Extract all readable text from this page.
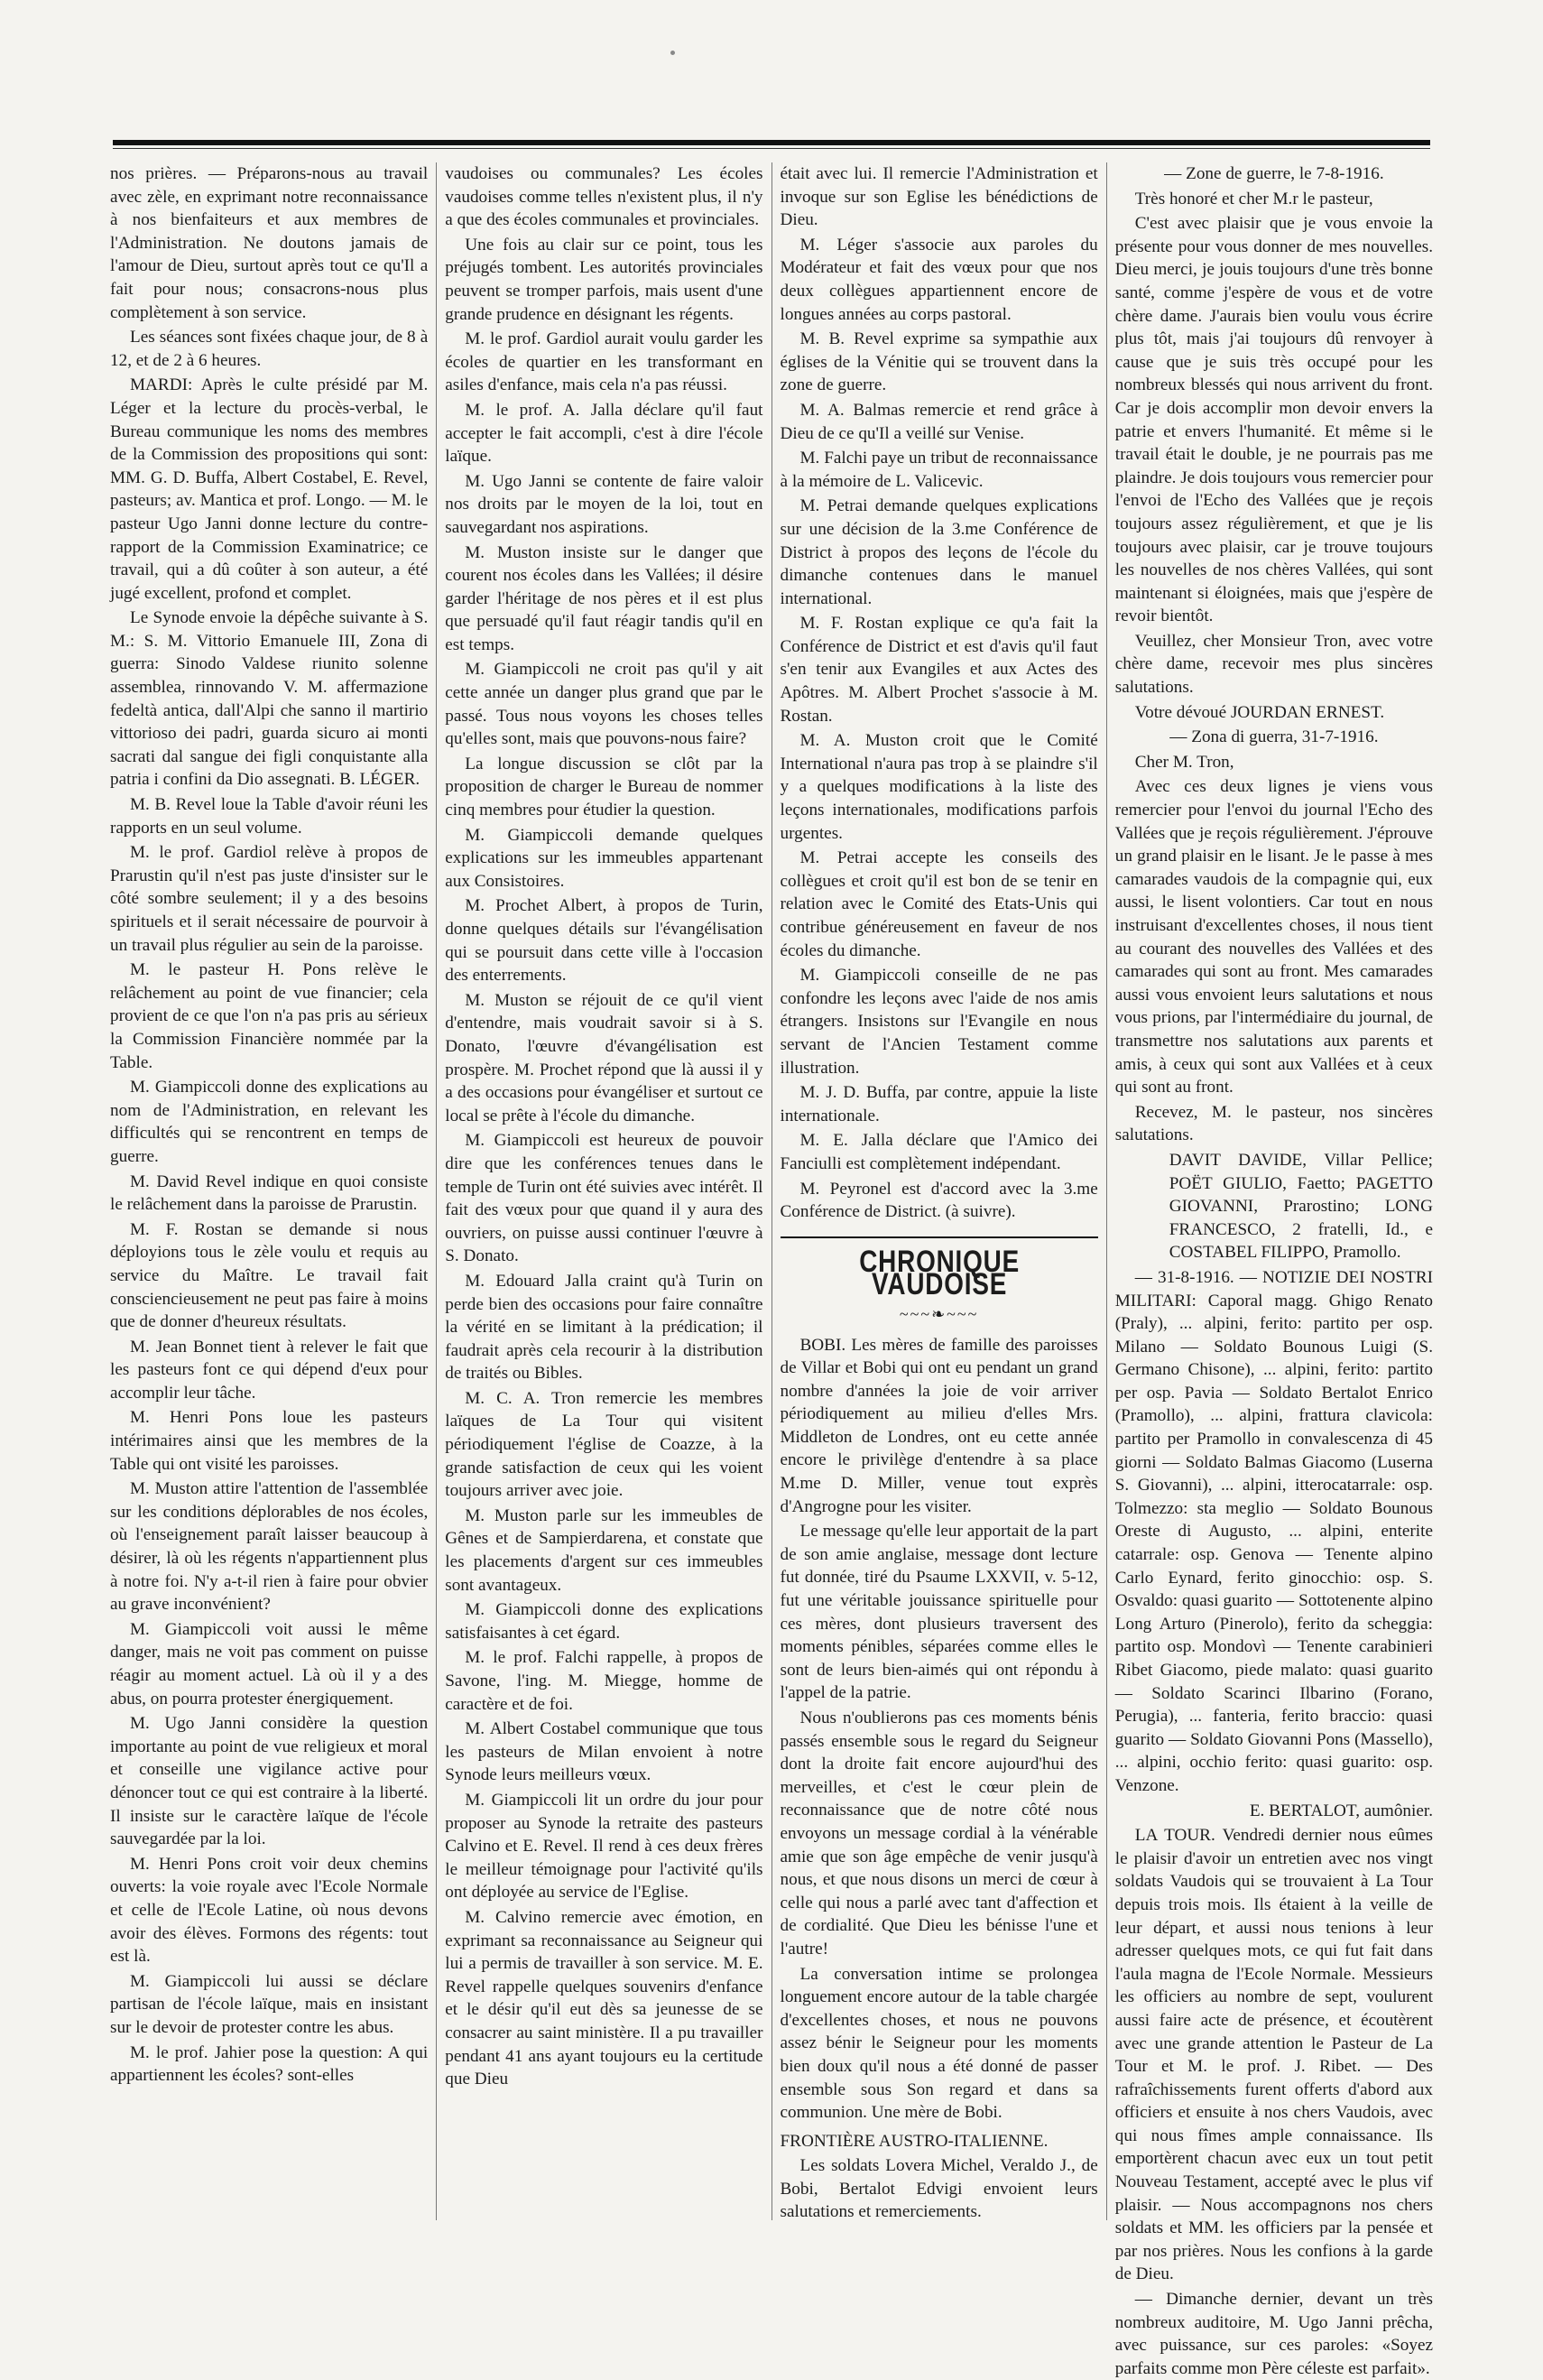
nos prières. — Préparons-nous au travail avec zèle, en exprimant notre reconnaissance à nos bienfaiteurs et aux membres de l'Administration. Ne doutons jamais de l'amour de Dieu, surtout après tout ce qu'Il a fait pour nous; consacrons-nous plus complètement à son service.

Les séances sont fixées chaque jour, de 8 à 12, et de 2 à 6 heures.

MARDI: Après le culte présidé par M. Léger et la lecture du procès-verbal, le Bureau communique les noms des membres de la Commission des propositions qui sont: MM. G. D. Buffa, Albert Costabel, E. Revel, pasteurs; av. Mantica et prof. Longo. — M. le pasteur Ugo Janni donne lecture du contre-rapport de la Commission Examinatrice; ce travail, qui a dû coûter à son auteur, a été jugé excellent, profond et complet.

Le Synode envoie la dépêche suivante à S. M.: S. M. Vittorio Emanuele III, Zona di guerra: Sinodo Valdese riunito solenne assemblea, rinnovando V. M. affermazione fedeltà antica, dall'Alpi che sanno il martirio vittorioso dei padri, guarda sicuro ai monti sacrati dal sangue dei figli conquistante alla patria i confini da Dio assegnati. B. LÉGER.

M. B. Revel loue la Table d'avoir réuni les rapports en un seul volume.

M. le prof. Gardiol relève à propos de Prarustin qu'il n'est pas juste d'insister sur le côté sombre seulement; il y a des besoins spirituels et il serait nécessaire de pourvoir à un travail plus régulier au sein de la paroisse.

M. le pasteur H. Pons relève le relâchement au point de vue financier; cela provient de ce que l'on n'a pas pris au sérieux la Commission Financière nommée par la Table.

M. Giampiccoli donne des explications au nom de l'Administration, en relevant les difficultés qui se rencontrent en temps de guerre.

M. David Revel indique en quoi consiste le relâchement dans la paroisse de Prarustin.

M. F. Rostan se demande si nous déployions tous le zèle voulu et requis au service du Maître. Le travail fait consciencieusement ne peut pas faire à moins que de donner d'heureux résultats.

M. Jean Bonnet tient à relever le fait que les pasteurs font ce qui dépend d'eux pour accomplir leur tâche.

M. Henri Pons loue les pasteurs intérimaires ainsi que les membres de la Table qui ont visité les paroisses.

M. Muston attire l'attention de l'assemblée sur les conditions déplorables de nos écoles, où l'enseignement paraît laisser beaucoup à désirer, là où les régents n'appartiennent plus à notre foi. N'y a-t-il rien à faire pour obvier au grave inconvénient?

M. Giampiccoli voit aussi le même danger, mais ne voit pas comment on puisse réagir au moment actuel. Là où il y a des abus, on pourra protester énergiquement.

M. Ugo Janni considère la question importante au point de vue religieux et moral et conseille une vigilance active pour dénoncer tout ce qui est contraire à la liberté. Il insiste sur le caractère laïque de l'école sauvegardée par la loi.

M. Henri Pons croit voir deux chemins ouverts: la voie royale avec l'Ecole Normale et celle de l'Ecole Latine, où nous devons avoir des élèves. Formons des régents: tout est là.

M. Giampiccoli lui aussi se déclare partisan de l'école laïque, mais en insistant sur le devoir de protester contre les abus.

M. le prof. Jahier pose la question: A qui appartiennent les écoles? sont-elles

vaudoises ou communales? Les écoles vaudoises comme telles n'existent plus, il n'y a que des écoles communales et provinciales.

Une fois au clair sur ce point, tous les préjugés tombent. Les autorités provinciales peuvent se tromper parfois, mais usent d'une grande prudence en désignant les régents.

M. le prof. Gardiol aurait voulu garder les écoles de quartier en les transformant en asiles d'enfance, mais cela n'a pas réussi.

M. le prof. A. Jalla déclare qu'il faut accepter le fait accompli, c'est à dire l'école laïque.

M. Ugo Janni se contente de faire valoir nos droits par le moyen de la loi, tout en sauvegardant nos aspirations.

M. Muston insiste sur le danger que courent nos écoles dans les Vallées; il désire garder l'héritage de nos pères et il est plus que persuadé qu'il faut réagir tandis qu'il en est temps.

M. Giampiccoli ne croit pas qu'il y ait cette année un danger plus grand que par le passé. Tous nous voyons les choses telles qu'elles sont, mais que pouvons-nous faire?

La longue discussion se clôt par la proposition de charger le Bureau de nommer cinq membres pour étudier la question.

M. Giampiccoli demande quelques explications sur les immeubles appartenant aux Consistoires.

M. Prochet Albert, à propos de Turin, donne quelques détails sur l'évangélisation qui se poursuit dans cette ville à l'occasion des enterrements.

M. Muston se réjouit de ce qu'il vient d'entendre, mais voudrait savoir si à S. Donato, l'œuvre d'évangélisation est prospère. M. Prochet répond que là aussi il y a des occasions pour évangéliser et surtout ce local se prête à l'école du dimanche.

M. Giampiccoli est heureux de pouvoir dire que les conférences tenues dans le temple de Turin ont été suivies avec intérêt. Il fait des vœux pour que quand il y aura des ouvriers, on puisse aussi continuer l'œuvre à S. Donato.

M. Edouard Jalla craint qu'à Turin on perde bien des occasions pour faire connaître la vérité en se limitant à la prédication; il faudrait après cela recourir à la distribution de traités ou Bibles.

M. C. A. Tron remercie les membres laïques de La Tour qui visitent périodiquement l'église de Coazze, à la grande satisfaction de ceux qui les voient toujours arriver avec joie.

M. Muston parle sur les immeubles de Gênes et de Sampierdarena, et constate que les placements d'argent sur ces immeubles sont avantageux.

M. Giampiccoli donne des explications satisfaisantes à cet égard.

M. le prof. Falchi rappelle, à propos de Savone, l'ing. M. Miegge, homme de caractère et de foi.

M. Albert Costabel communique que tous les pasteurs de Milan envoient à notre Synode leurs meilleurs vœux.

M. Giampiccoli lit un ordre du jour pour proposer au Synode la retraite des pasteurs Calvino et E. Revel. Il rend à ces deux frères le meilleur témoignage pour l'activité qu'ils ont déployée au service de l'Eglise.

M. Calvino remercie avec émotion, en exprimant sa reconnaissance au Seigneur qui lui a permis de travailler à son service. M. E. Revel rappelle quelques souvenirs d'enfance et le désir qu'il eut dès sa jeunesse de se consacrer au saint ministère. Il a pu travailler pendant 41 ans ayant toujours eu la certitude que Dieu

était avec lui. Il remercie l'Administration et invoque sur son Eglise les bénédictions de Dieu.

M. Léger s'associe aux paroles du Modérateur et fait des vœux pour que nos deux collègues appartiennent encore de longues années au corps pastoral.

M. B. Revel exprime sa sympathie aux églises de la Vénitie qui se trouvent dans la zone de guerre.

M. A. Balmas remercie et rend grâce à Dieu de ce qu'Il a veillé sur Venise.

M. Falchi paye un tribut de reconnaissance à la mémoire de L. Valicevic.

M. Petrai demande quelques explications sur une décision de la 3.me Conférence de District à propos des leçons de l'école du dimanche contenues dans le manuel international.

M. F. Rostan explique ce qu'a fait la Conférence de District et est d'avis qu'il faut s'en tenir aux Evangiles et aux Actes des Apôtres. M. Albert Prochet s'associe à M. Rostan.

M. A. Muston croit que le Comité International n'aura pas trop à se plaindre s'il y a quelques modifications à la liste des leçons internationales, modifications parfois urgentes.

M. Petrai accepte les conseils des collègues et croit qu'il est bon de se tenir en relation avec le Comité des Etats-Unis qui contribue généreusement en faveur de nos écoles du dimanche.

M. Giampiccoli conseille de ne pas confondre les leçons avec l'aide de nos amis étrangers. Insistons sur l'Evangile en nous servant de l'Ancien Testament comme illustration.

M. J. D. Buffa, par contre, appuie la liste internationale.

M. E. Jalla déclare que l'Amico dei Fanciulli est complètement indépendant.

M. Peyronel est d'accord avec la 3.me Conférence de District. (à suivre).

CHRONIQUE VAUDOISE
~~~❧~~~

BOBI. Les mères de famille des paroisses de Villar et Bobi qui ont eu pendant un grand nombre d'années la joie de voir arriver périodiquement au milieu d'elles Mrs. Middleton de Londres, ont eu cette année encore le privilège d'entendre à sa place M.me D. Miller, venue tout exprès d'Angrogne pour les visiter.

Le message qu'elle leur apportait de la part de son amie anglaise, message dont lecture fut donnée, tiré du Psaume LXXVII, v. 5-12, fut une véritable jouissance spirituelle pour ces mères, dont plusieurs traversent des moments pénibles, séparées comme elles le sont de leurs bien-aimés qui ont répondu à l'appel de la patrie.

Nous n'oublierons pas ces moments bénis passés ensemble sous le regard du Seigneur dont la droite fait encore aujourd'hui des merveilles, et c'est le cœur plein de reconnaissance que de notre côté nous envoyons un message cordial à la vénérable amie que son âge empêche de venir jusqu'à nous, et que nous disons un merci de cœur à celle qui nous a parlé avec tant d'affection et de cordialité. Que Dieu les bénisse l'une et l'autre!

La conversation intime se prolongea longuement encore autour de la table chargée d'excellentes choses, et nous ne pouvons assez bénir le Seigneur pour les moments bien doux qu'il nous a été donné de passer ensemble sous Son regard et dans sa communion. Une mère de Bobi.

FRONTIÈRE AUSTRO-ITALIENNE.

Les soldats Lovera Michel, Veraldo J., de Bobi, Bertalot Edvigi envoient leurs salutations et remerciements.

— Zone de guerre, le 7-8-1916.

Très honoré et cher M.r le pasteur,

C'est avec plaisir que je vous envoie la présente pour vous donner de mes nouvelles. Dieu merci, je jouis toujours d'une très bonne santé, comme j'espère de vous et de votre chère dame. J'aurais bien voulu vous écrire plus tôt, mais j'ai toujours dû renvoyer à cause que je suis très occupé pour les nombreux blessés qui nous arrivent du front. Car je dois accomplir mon devoir envers la patrie et envers l'humanité. Et même si le travail était le double, je ne pourrais pas me plaindre. Je dois toujours vous remercier pour l'envoi de l'Echo des Vallées que je reçois toujours assez régulièrement, et que je lis toujours avec plaisir, car je trouve toujours les nouvelles de nos chères Vallées, qui sont maintenant si éloignées, mais que j'espère de revoir bientôt.

Veuillez, cher Monsieur Tron, avec votre chère dame, recevoir mes plus sincères salutations.

Votre dévoué JOURDAN ERNEST.

— Zona di guerra, 31-7-1916.

Cher M. Tron,

Avec ces deux lignes je viens vous remercier pour l'envoi du journal l'Echo des Vallées que je reçois régulièrement. J'éprouve un grand plaisir en le lisant. Je le passe à mes camarades vaudois de la compagnie qui, eux aussi, le lisent volontiers. Car tout en nous instruisant d'excellentes choses, il nous tient au courant des nouvelles des Vallées et des camarades qui sont au front. Mes camarades aussi vous envoient leurs salutations et nous vous prions, par l'intermédiaire du journal, de transmettre nos salutations aux parents et amis, à ceux qui sont aux Vallées et à ceux qui sont au front.

Recevez, M. le pasteur, nos sincères salutations.

DAVIT DAVIDE, Villar Pellice; POËT GIULIO, Faetto; PAGETTO GIOVANNI, Prarostino; LONG FRANCESCO, 2 fratelli, Id., e COSTABEL FILIPPO, Pramollo.

— 31-8-1916. — NOTIZIE DEI NOSTRI MILITARI: Caporal magg. Ghigo Renato (Praly), ... alpini, ferito: partito per osp. Milano — Soldato Bounous Luigi (S. Germano Chisone), ... alpini, ferito: partito per osp. Pavia — Soldato Bertalot Enrico (Pramollo), ... alpini, frattura clavicola: partito per Pramollo in convalescenza di 45 giorni — Soldato Balmas Giacomo (Luserna S. Giovanni), ... alpini, itterocatarrale: osp. Tolmezzo: sta meglio — Soldato Bounous Oreste di Augusto, ... alpini, enterite catarrale: osp. Genova — Tenente alpino Carlo Eynard, ferito ginocchio: osp. S. Osvaldo: quasi guarito — Sottotenente alpino Long Arturo (Pinerolo), ferito da scheggia: partito osp. Mondovì — Tenente carabinieri Ribet Giacomo, piede malato: quasi guarito — Soldato Scarinci Ilbarino (Forano, Perugia), ... fanteria, ferito braccio: quasi guarito — Soldato Giovanni Pons (Massello), ... alpini, occhio ferito: quasi guarito: osp. Venzone.

E. BERTALOT, aumônier.

LA TOUR. Vendredi dernier nous eûmes le plaisir d'avoir un entretien avec nos vingt soldats Vaudois qui se trouvaient à La Tour depuis trois mois. Ils étaient à la veille de leur départ, et aussi nous tenions à leur adresser quelques mots, ce qui fut fait dans l'aula magna de l'Ecole Normale. Messieurs les officiers au nombre de sept, voulurent aussi faire acte de présence, et écoutèrent avec une grande attention le Pasteur de La Tour et M. le prof. J. Ribet. — Des rafraîchissements furent offerts d'abord aux officiers et ensuite à nos chers Vaudois, avec qui nous fîmes ample connaissance. Ils emportèrent chacun avec eux un tout petit Nouveau Testament, accepté avec le plus vif plaisir. — Nous accompagnons nos chers soldats et MM. les officiers par la pensée et par nos prières. Nous les confions à la garde de Dieu.

— Dimanche dernier, devant un très nombreux auditoire, M. Ugo Janni prêcha, avec puissance, sur ces paroles: «Soyez parfaits comme mon Père céleste est parfait».
